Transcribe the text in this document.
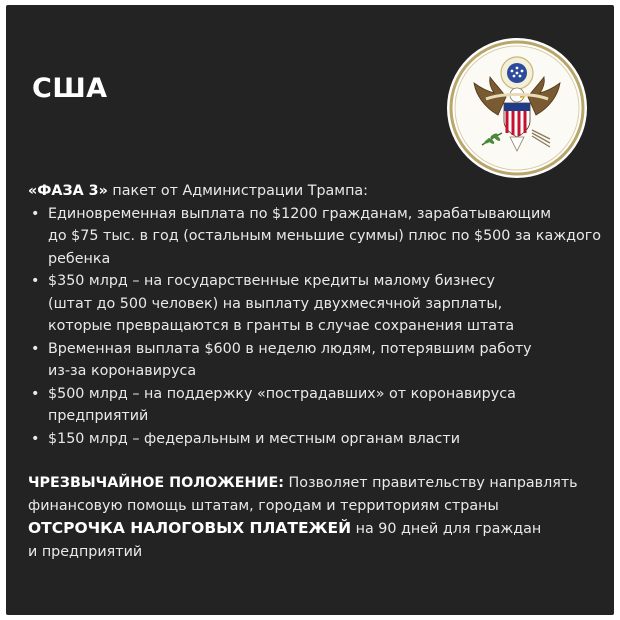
США
«ФАЗА 3» пакет от Администрации Трампа:
• Единовременная выплата по $1200 гражданам, зарабатывающим
до $75 тыс. в год (остальным меньшие суммы) плюс по $500 за каждого
ребенка
• $350 млрд – на государственные кредиты малому бизнесу
(штат до 500 человек) на выплату двухмесячной зарплаты,
которые превращаются в гранты в случае сохранения штата
• Временная выплата $600 в неделю людям, потерявшим работу
из-за коронавируса
• $500 млрд – на поддержку «пострадавших» от коронавируса
предприятий
• $150 млрд – федеральным и местным органам власти
ЧРЕЗВЫЧАЙНОЕ ПОЛОЖЕНИЕ: Позволяет правительству направлять
финансовую помощь штатам, городам и территориям страны
ОТСРОЧКА НАЛОГОВЫХ ПЛАТЕЖЕЙ на 90 дней для граждан
и предприятий
